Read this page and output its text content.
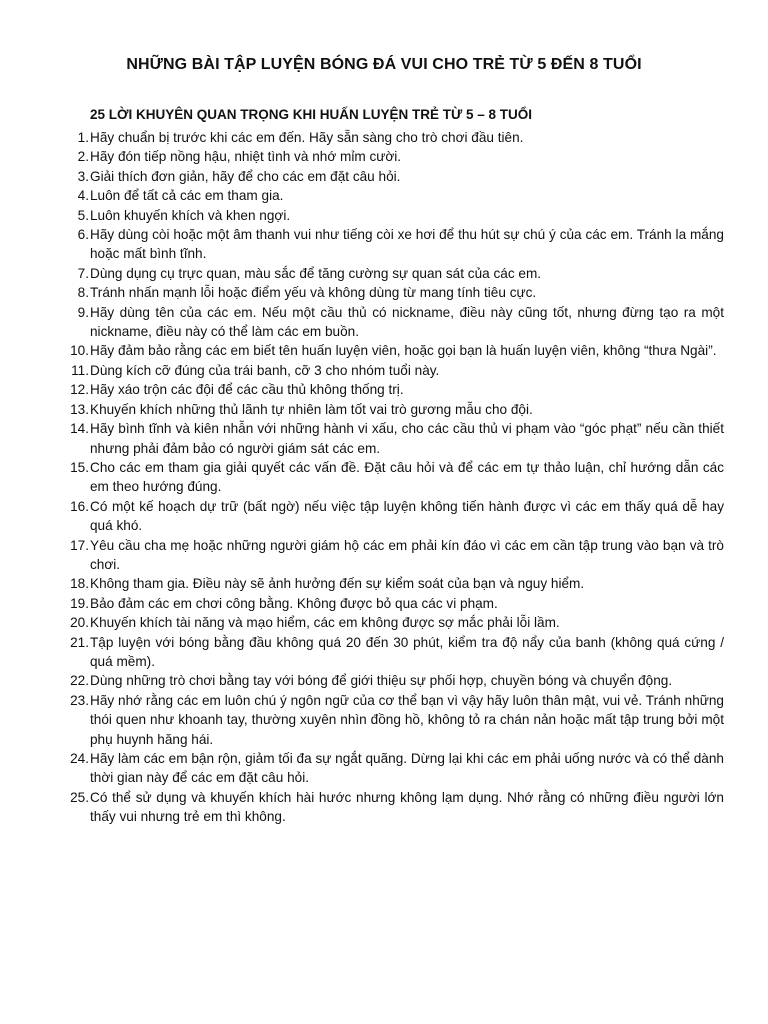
NHỮNG BÀI TẬP LUYỆN BÓNG ĐÁ VUI CHO TRẺ TỪ 5 ĐẾN 8 TUỔI
25 LỜI KHUYÊN QUAN TRỌNG KHI HUẤN LUYỆN TRẺ TỪ 5 – 8 TUỔI
1. Hãy chuẩn bị trước khi các em đến. Hãy sẵn sàng cho trò chơi đầu tiên.
2. Hãy đón tiếp nồng hậu, nhiệt tình và nhớ mỉm cười.
3. Giải thích đơn giản, hãy để cho các em đặt câu hỏi.
4. Luôn để tất cả các em tham gia.
5. Luôn khuyến khích và khen ngợi.
6. Hãy dùng còi hoặc một âm thanh vui như tiếng còi xe hơi để thu hút sự chú ý của các em. Tránh la mắng hoặc mất bình tĩnh.
7. Dùng dụng cụ trực quan, màu sắc để tăng cường sự quan sát của các em.
8. Tránh nhấn mạnh lỗi hoặc điểm yếu và không dùng từ mang tính tiêu cực.
9. Hãy dùng tên của các em. Nếu một cầu thủ có nickname, điều này cũng tốt, nhưng đừng tạo ra một nickname, điều này có thể làm các em buồn.
10. Hãy đảm bảo rằng các em biết tên huấn luyện viên, hoặc gọi bạn là huấn luyện viên, không “thưa Ngài”.
11. Dùng kích cỡ đúng của trái banh, cỡ 3 cho nhóm tuổi này.
12. Hãy xáo trộn các đội để các cầu thủ không thống trị.
13. Khuyến khích những thủ lãnh tự nhiên làm tốt vai trò gương mẫu cho đội.
14. Hãy bình tĩnh và kiên nhẫn với những hành vi xấu, cho các cầu thủ vi phạm vào “góc phạt” nếu cần thiết nhưng phải đảm bảo có người giám sát các em.
15. Cho các em tham gia giải quyết các vấn đề. Đặt câu hỏi và để các em tự thảo luận, chỉ hướng dẫn các em theo hướng đúng.
16. Có một kế hoạch dự trữ (bất ngờ) nếu việc tập luyện không tiến hành được vì các em thấy quá dễ hay quá khó.
17. Yêu cầu cha mẹ hoặc những người giám hộ các em phải kín đáo vì các em cần tập trung vào bạn và trò chơi.
18. Không tham gia. Điều này sẽ ảnh hưởng đến sự kiểm soát của bạn và nguy hiểm.
19. Bảo đảm các em chơi công bằng. Không được bỏ qua các vi phạm.
20. Khuyến khích tài năng và mạo hiểm, các em không được sợ mắc phải lỗi lầm.
21. Tập luyện với bóng bằng đầu không quá 20 đến 30 phút, kiểm tra độ nẩy của banh (không quá cứng / quá mềm).
22. Dùng những trò chơi bằng tay với bóng để giới thiệu sự phối hợp, chuyền bóng và chuyển động.
23. Hãy nhớ rằng các em luôn chú ý ngôn ngữ của cơ thể bạn vì vậy hãy luôn thân mật, vui vẻ. Tránh những thói quen như khoanh tay, thường xuyên nhìn đồng hồ, không tỏ ra chán nản hoặc mất tập trung bởi một phụ huynh hăng hái.
24. Hãy làm các em bận rộn, giảm tối đa sự ngắt quãng. Dừng lại khi các em phải uống nước và có thể dành thời gian này để các em đặt câu hỏi.
25. Có thể sử dụng và khuyến khích hài hước nhưng không lạm dụng. Nhớ rằng có những điều người lớn thấy vui nhưng trẻ em thì không.
